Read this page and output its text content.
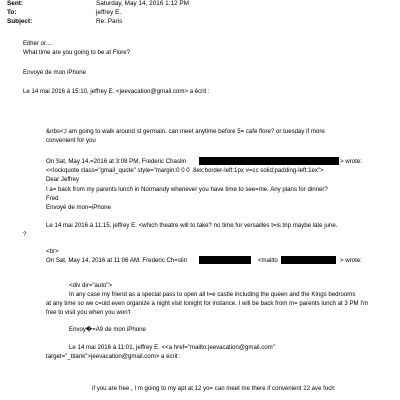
Sent:	Saturday, May 14, 2016 1:12 PM
To:	jeffrey E.
Subject:	Re: Paris
Either or....
What time are you going to be at Flore?
Envoyé de mon iPhone
Le 14 mai 2016 à 15:10, jeffrey E. <jeevacation@gmail.com> a écrit :
&nbs<;I am going to walk around st germain. can meet anytime before 5= cafe flore? or tuesday if more
convenient for you
On Sat, May 14,=2016 at 3:08 PM, Frederic Chaslin	> wrote:
<<lockquote class="gmail_quote" style="margin:0 0 0 .8ex;border-left:1px #=cc solid;padding-left:1ex">
Dear Jeffrey
I a= back from my parents lunch in Normandy whenever you have time to see=me. Any plans for dinner?
Fred
Envoyé de mon=iPhone
Le 14 mai 2016 à 11:15, jeffrey E. <which theatre will to take? no time for versailles t=is trip maybe late june.
?
<br>
On Sat, May 14, 2016 at 11:06 AM, Frederic Ch=slin	<mailto	> wrote:
<div dir="auto">
In any case my friend as a special pass to open all t=e castle including the queen and the Kings bedrooms
at any time so we c=uld even organize a night visit tonight for instance. I will be back from m= parents lunch at 3 PM I'm
free to visit you when you won't
Envoy�=A9 de mon iPhone
Le 14 mai 2016 à 11:01, jeffrey E. <<a href="mailto:jeevacation@gmail.com"
target="_blank">jeevacation@gmail.com> a écrit :
if you are free , I m going to my apt at 12 yo= can meet me there if convenient 22 ave foch
